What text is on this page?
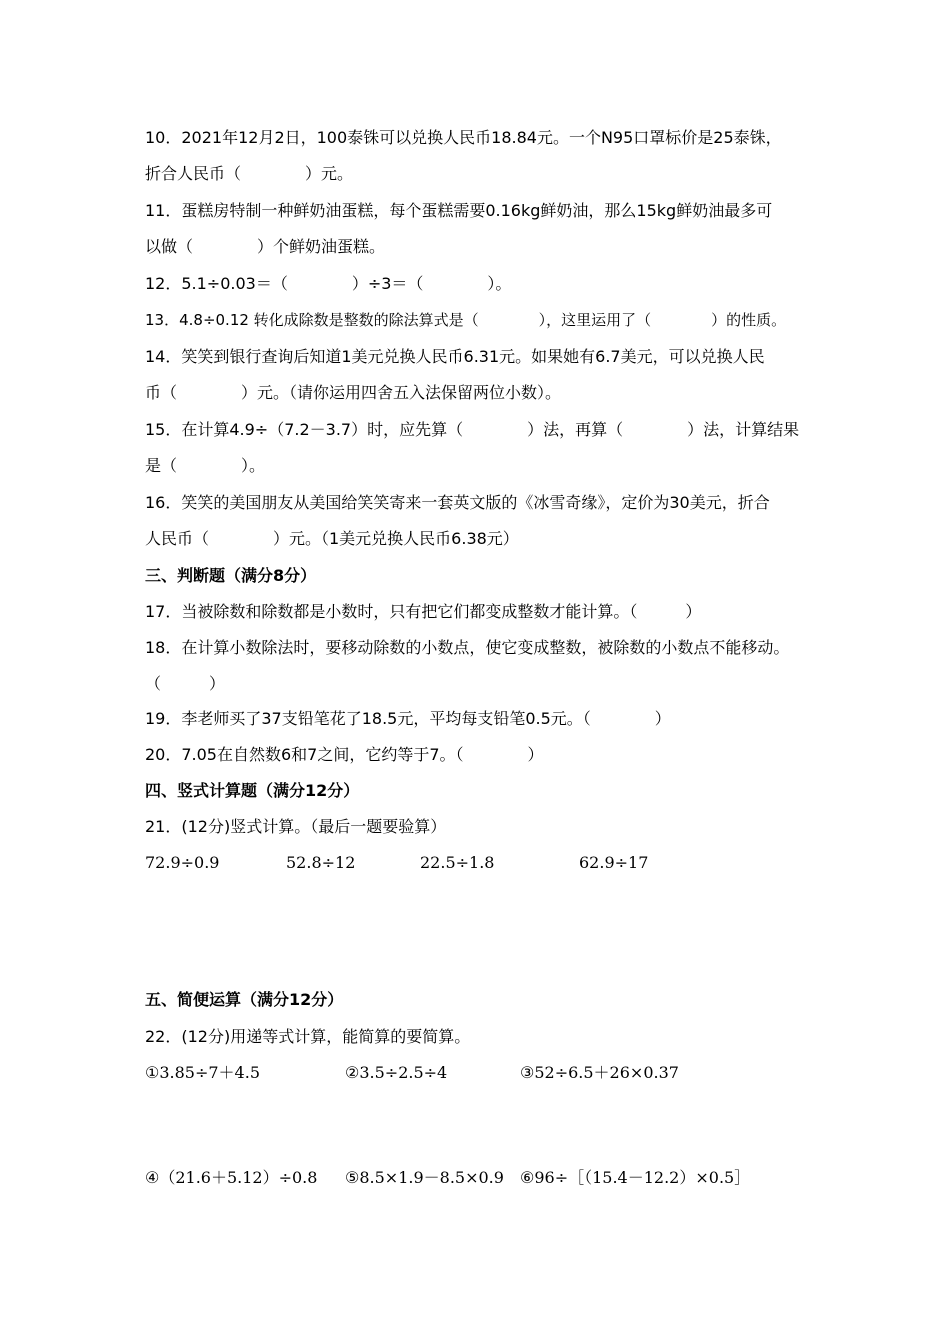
10．2021年12月2日，100泰铢可以兑换人民币18.84元。一个N95口罩标价是25泰铢，
折合人民币（　　　　）元。
11．蛋糕房特制一种鲜奶油蛋糕，每个蛋糕需要0.16kg鲜奶油，那么15kg鲜奶油最多可
以做（　　　　）个鲜奶油蛋糕。
12．5.1÷0.03＝（　　　　）÷3＝（　　　　）。
13．4.8÷0.12 转化成除数是整数的除法算式是（　　　　），这里运用了（　　　　）的性质。
14．笑笑到银行查询后知道1美元兑换人民币6.31元。如果她有6.7美元，可以兑换人民
币（　　　　）元。（请你运用四舍五入法保留两位小数）。
15．在计算4.9÷（7.2－3.7）时，应先算（　　　　）法，再算（　　　　）法，计算结果
是（　　　　）。
16．笑笑的美国朋友从美国给笑笑寄来一套英文版的《冰雪奇缘》，定价为30美元，折合
人民币（　　　　）元。（1美元兑换人民币6.38元）
三、判断题（满分8分）
17．当被除数和除数都是小数时，只有把它们都变成整数才能计算。（　　　）
18．在计算小数除法时，要移动除数的小数点，使它变成整数，被除数的小数点不能移动。
（　　　）
19．李老师买了37支铅笔花了18.5元，平均每支铅笔0.5元。（　　　　）
20．7.05在自然数6和7之间，它约等于7。（　　　　）
四、竖式计算题（满分12分）
21．(12分)竖式计算。（最后一题要验算）
72.9÷0.9	52.8÷12	22.5÷1.8	62.9÷17
五、简便运算（满分12分）
22．(12分)用递等式计算，能简算的要简算。
①3.85÷7＋4.5	②3.5÷2.5÷4	③52÷6.5＋26×0.37
④（21.6＋5.12）÷0.8 ⑤8.5×1.9－8.5×0.9 ⑥96÷［（15.4－12.2）×0.5］
